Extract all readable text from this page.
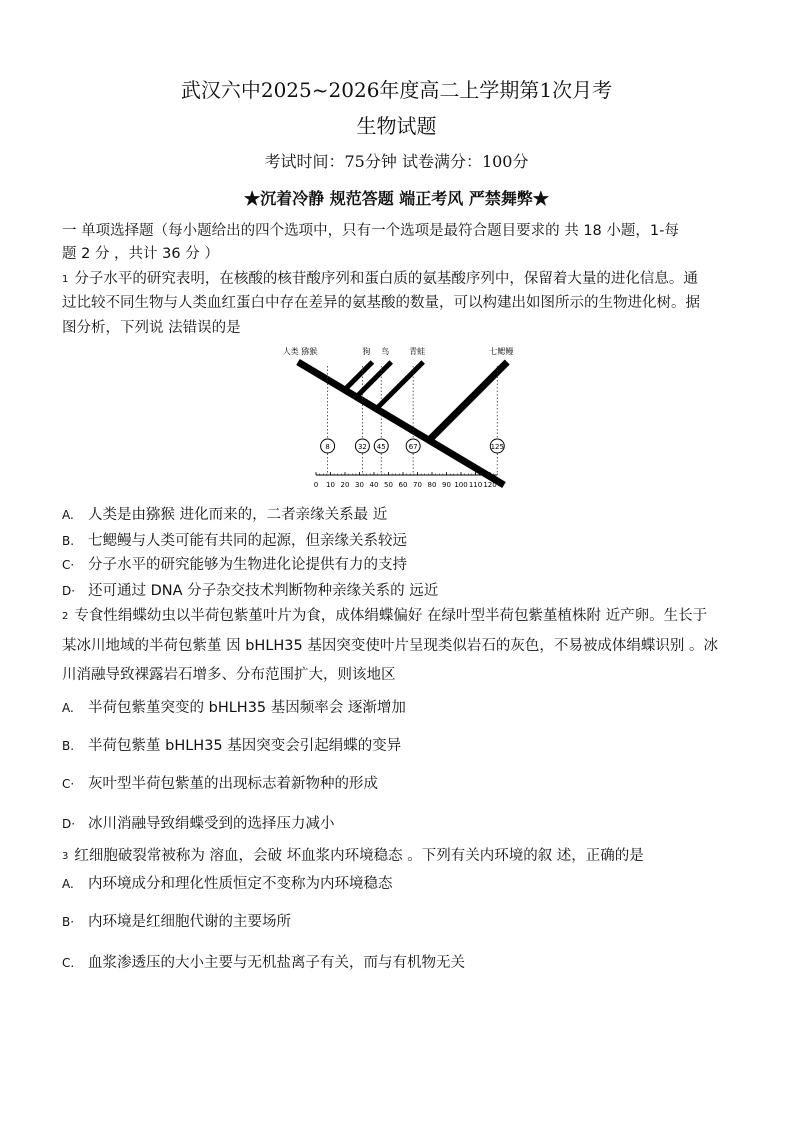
武汉六中2025~2026年度高二上学期第1次月考
生物试题
考试时间：75分钟 试卷满分：100分
★沉着冷静 规范答题 端正考风 严禁舞弊★
一 单项选择题（每小题给出的四个选项中，只有一个选项是最符合题目要求的 共 18 小题，1-每
题 2 分 ，共计 36 分 ）
1 分子水平的研究表明，在核酸的核苷酸序列和蛋白质的氨基酸序列中，保留着大量的进化信息。通
过比较不同生物与人类血红蛋白中存在差异的氨基酸的数量，可以构建出如图所示的生物进化树。据
图分析，下列说 法错误的是
8
人类 猕猴
32
狗
45
鸟
67
青蛙
125
七鳃鳗
0 10 20 30 40 50 60 70 80 90 100 110 120
A. 人类是由猕猴 进化而来的，二者亲缘关系最 近
B. 七鳃鳗与人类可能有共同的起源，但亲缘关系较远
C· 分子水平的研究能够为生物进化论提供有力的支持
D· 还可通过 DNA 分子杂交技术判断物种亲缘关系的 远近
2 专食性绢蝶幼虫以半荷包紫堇叶片为食，成体绢蝶偏好 在绿叶型半荷包紫堇植株附 近产卵。生长于
某冰川地域的半荷包紫堇 因 bHLH35 基因突变使叶片呈现类似岩石的灰色，不易被成体绢蝶识别 。冰
川消融导致裸露岩石增多、分布范围扩大，则该地区
A. 半荷包紫堇突变的 bHLH35 基因频率会 逐渐增加
B. 半荷包紫堇 bHLH35 基因突变会引起绢蝶的变异
C· 灰叶型半荷包紫堇的出现标志着新物种的形成
D· 冰川消融导致绢蝶受到的选择压力减小
3 红细胞破裂常被称为 溶血，会破 坏血浆内环境稳态 。下列有关内环境的叙 述，正确的是
A. 内环境成分和理化性质恒定不变称为内环境稳态
B· 内环境是红细胞代谢的主要场所
C. 血浆渗透压的大小主要与无机盐离子有关，而与有机物无关
